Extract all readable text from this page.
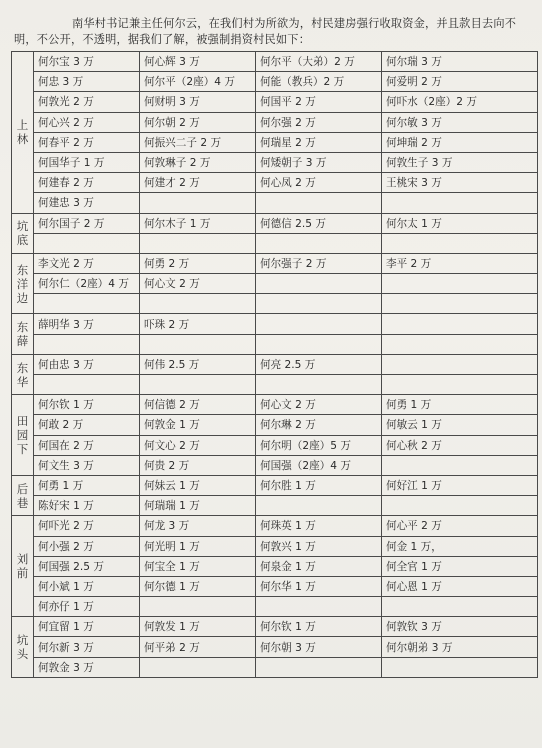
南华村书记兼主任何尔云，在我们村为所欲为，村民建房强行收取资金，并且款目去向不明，不公开，不透明，据我们了解，被强制捐资村民如下：

上林	何尔宝 3 万	何心辉 3 万	何尔平（大弟）2 万	何尔瑞 3 万
	何忠 3 万	何尔平（2座）4 万	何能（教兵）2 万	何爱明 2 万
	何敦光 2 万	何财明 3 万	何国平 2 万	何吓水（2座）2 万
	何心兴 2 万	何尔朝 2 万	何尔强 2 万	何尔敏 3 万
	何春平 2 万	何振兴二子 2 万	何瑞星 2 万	何坤瑞 2 万
	何国华子 1 万	何敦琳子 2 万	何矮朝子 3 万	何敦生子 3 万
	何建春 2 万	何建才 2 万	何心凤 2 万	王桃宋 3 万
	何建忠 3 万			
坑底	何尔国子 2 万	何尔木子 1 万	何德信 2.5 万	何尔太 1 万

东洋边	李文光 2 万	何勇 2 万	何尔强子 2 万	李平 2 万
	何尔仁（2座）4 万	何心文 2 万		

东薛	薛明华 3 万	吓珠 2 万		

东华	何由忠 3 万	何伟 2.5 万	何亮 2.5 万	

田园下	何尔钦 1 万	何信德 2 万	何心文 2 万	何勇 1 万
	何敢 2 万	何敦金 1 万	何尔琳 2 万	何敏云 1 万
	何国在 2 万	何文心 2 万	何尔明（2座）5 万	何心秋 2 万
	何文生 3 万	何贵 2 万	何国强（2座）4 万	
后巷	何勇 1 万	何妹云 1 万	何尔胜 1 万	何好江 1 万
	陈好宋 1 万	何瑞瑞 1 万		
刘前	何吓光 2 万	何龙 3 万	何珠英 1 万	何心平 2 万
	何小强 2 万	何光明 1 万	何敦兴 1 万	何金 1 万，
	何国强 2.5 万	何宝全 1 万	何泉金 1 万	何全官 1 万
	何小斌 1 万	何尔德 1 万	何尔华 1 万	何心恩 1 万
	何亦仔 1 万			
坑头	何宜留 1 万	何敦发 1 万	何尔钦 1 万	何敦钦 3 万
	何尔新 3 万	何平弟 2 万	何尔朝 3 万	何尔朝弟 3 万
	何敦金 3 万			
